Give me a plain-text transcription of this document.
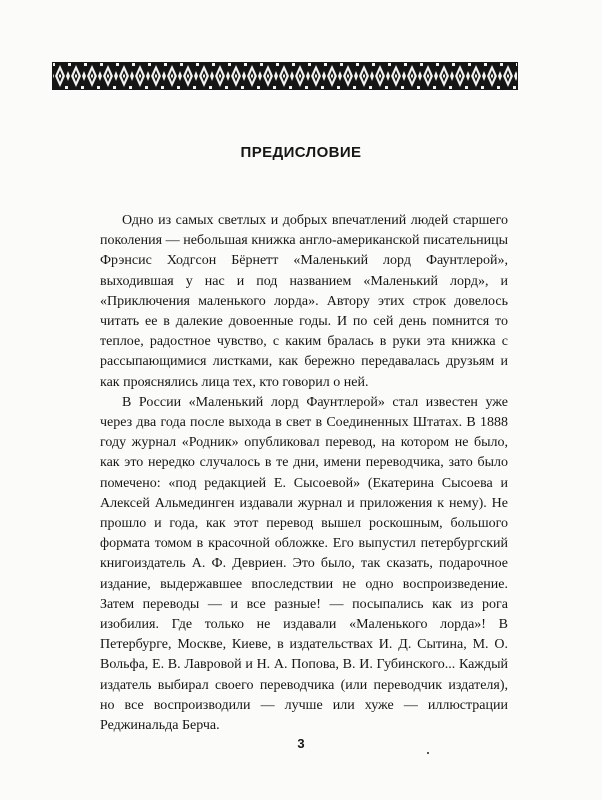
ПРЕДИСЛОВИЕ

Одно из самых светлых и добрых впечатлений людей старшего поколения — небольшая книжка англо-американской писательницы Фрэнсис Ходгсон Бёрнетт «Маленький лорд Фаунтлерой», выходившая у нас и под названием «Маленький лорд», и «Приключения маленького лорда». Автору этих строк довелось читать ее в далекие довоенные годы. И по сей день помнится то теплое, радостное чувство, с каким бралась в руки эта книжка с рассыпающимися листками, как бережно передавалась друзьям и как прояснялись лица тех, кто говорил о ней.

В России «Маленький лорд Фаунтлерой» стал известен уже через два года после выхода в свет в Соединенных Штатах. В 1888 году журнал «Родник» опубликовал перевод, на котором не было, как это нередко случалось в те дни, имени переводчика, зато было помечено: «под редакцией Е. Сысоевой» (Екатерина Сысоева и Алексей Альмединген издавали журнал и приложения к нему). Не прошло и года, как этот перевод вышел роскошным, большого формата томом в красочной обложке. Его выпустил петербургский книгоиздатель А. Ф. Девриен. Это было, так сказать, подарочное издание, выдержавшее впоследствии не одно воспроизведение. Затем переводы — и все разные! — посыпались как из рога изобилия. Где только не издавали «Маленького лорда»! В Петербурге, Москве, Киеве, в издательствах И. Д. Сытина, М. О. Вольфа, Е. В. Лавровой и Н. А. Попова, В. И. Губинского... Каждый издатель выбирал своего переводчика (или переводчик издателя), но все воспроизводили — лучше или хуже — иллюстрации Реджинальда Берча.

3
